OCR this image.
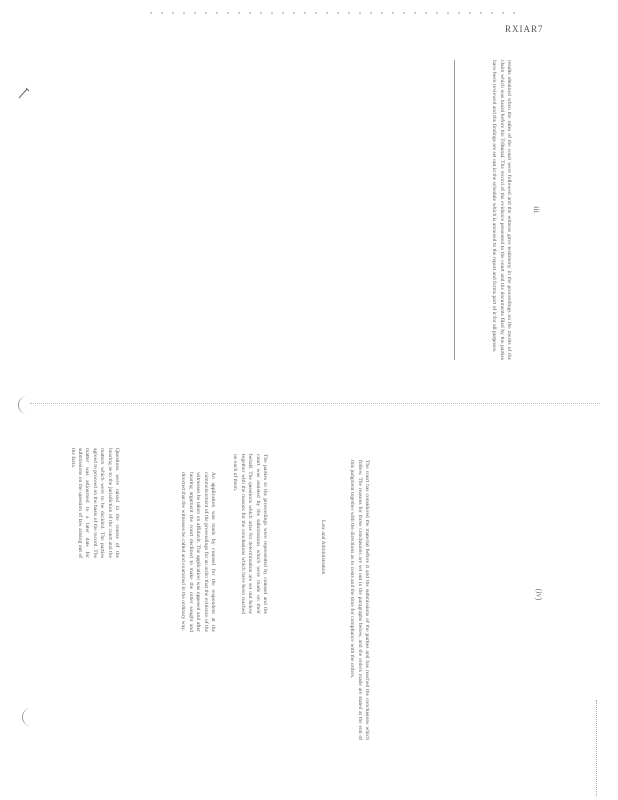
RXIAR7
results obtained when the rules of the court were followed and the witness gave testimony in the proceedings on the merits of the claim which was heard before the Tribunal. The record of the evidence presented to the court and the documents filed by the parties have been reviewed and the findings are set out in the schedule which is annexed to the report and forms part of it for all purposes.	iii
Questions were raised in the course of the hearing as to the jurisdiction of the court and the matters which were to be decided. The parties agreed to proceed on the basis of the record. The matter was adjourned to a later date for submissions on the question of law arising out of the facts.
An application was made by counsel for the respondent at the commencement of the proceedings for an order that the evidence of the witnesses be taken on affidavit. The application was opposed and after hearing argument the court declined to make the order sought and directed that the witnesses be called and examined in the ordinary way.	The parties to the proceedings were represented by counsel and the court was assisted by the submissions which were made on their behalf. The questions which arise for determination are set out below together with the reasons for the conclusions which have been reached on each of them.
Law and Administration	The court has considered the material before it and the submissions of the parties and has reached the conclusions which follow. The reasons for those conclusions are set out in the paragraphs below, and the orders made are stated at the end of this judgment together with the directions as to costs and the time for compliance with the orders.	(iv)
